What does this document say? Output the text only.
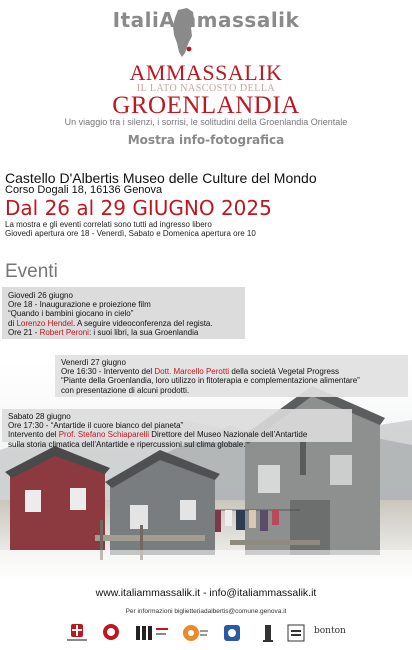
ItaliAmmassalik
AMMASSALIK
IL LATO NASCOSTO DELLA
GROENLANDIA
Un viaggio tra i silenzi, i sorrisi, le solitudini della Groenlandia Orientale
Mostra info-fotografica
Castello D'Albertis Museo delle Culture del Mondo
Corso Dogali 18, 16136 Genova
Dal 26 al 29 GIUGNO 2025
La mostra e gli eventi correlati sono tutti ad ingresso libero
Giovedì apertura ore 18 - Venerdì, Sabato e Domenica apertura ore 10
Eventi
Giovedì 26 giugno
Ore 18 - Inaugurazione e proiezione film
“Quando i bambini giocano in cielo”
di Lorenzo Hendel. A seguire videoconferenza del regista.
Ore 21 - Robert Peroni: i suoi libri, la sua Groenlandia
Venerdì 27 giugno
Ore 16:30 - Intervento del Dott. Marcello Perotti della società Vegetal Progress
“Piante della Groenlandia, loro utilizzo in fitoterapia e complementazione alimentare”
con presentazione di alcuni prodotti.
Sabato 28 giugno
Ore 17:30 - “Antartide il cuore bianco del pianeta”
Intervento del Prof. Stefano Schiaparelli Direttore del Museo Nazionale dell’Antartide
sulla storia climatica dell’Antartide e ripercussioni sul clima globale.
www.italiammassalik.it - info@italiammassalik.it
Per informazioni biglietteriadalbertis@comune.genova.it
bonton
